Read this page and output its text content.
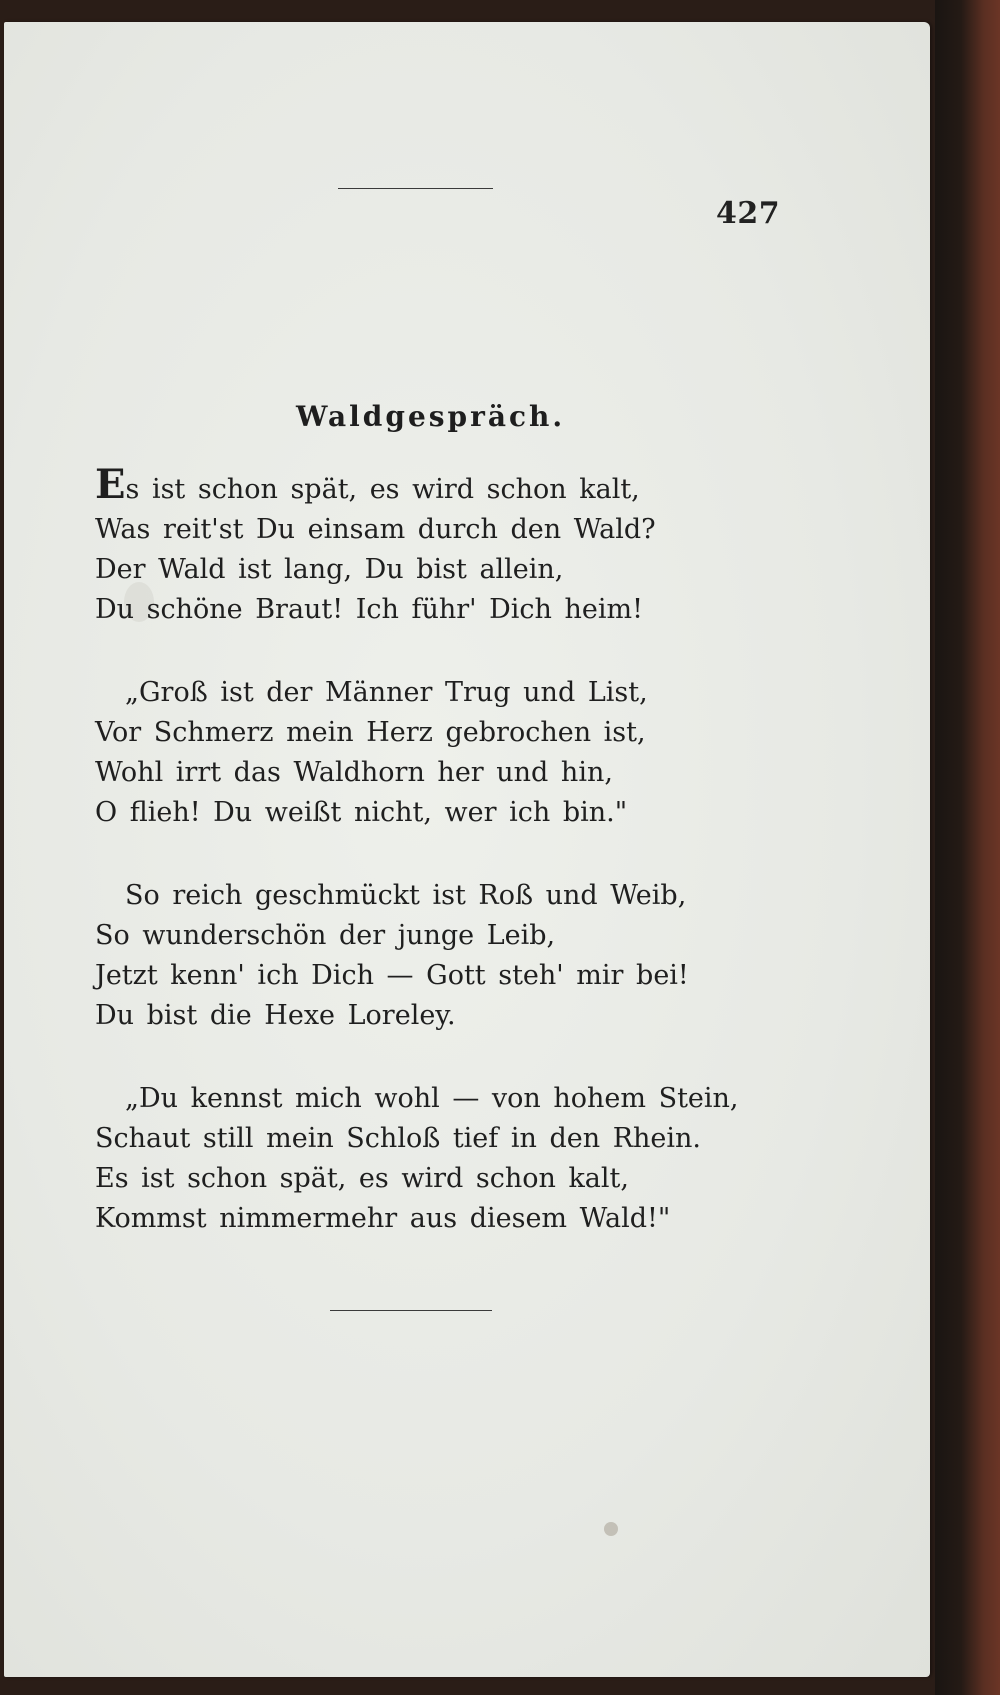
427
Waldgespräch.
Es ist schon spät, es wird schon kalt,
Was reit'st Du einsam durch den Wald?
Der Wald ist lang, Du bist allein,
Du schöne Braut! Ich führ' Dich heim!
„Groß ist der Männer Trug und List,
Vor Schmerz mein Herz gebrochen ist,
Wohl irrt das Waldhorn her und hin,
O flieh! Du weißt nicht, wer ich bin."
So reich geschmückt ist Roß und Weib,
So wunderschön der junge Leib,
Jetzt kenn' ich Dich — Gott steh' mir bei!
Du bist die Hexe Loreley.
„Du kennst mich wohl — von hohem Stein,
Schaut still mein Schloß tief in den Rhein.
Es ist schon spät, es wird schon kalt,
Kommst nimmermehr aus diesem Wald!"
